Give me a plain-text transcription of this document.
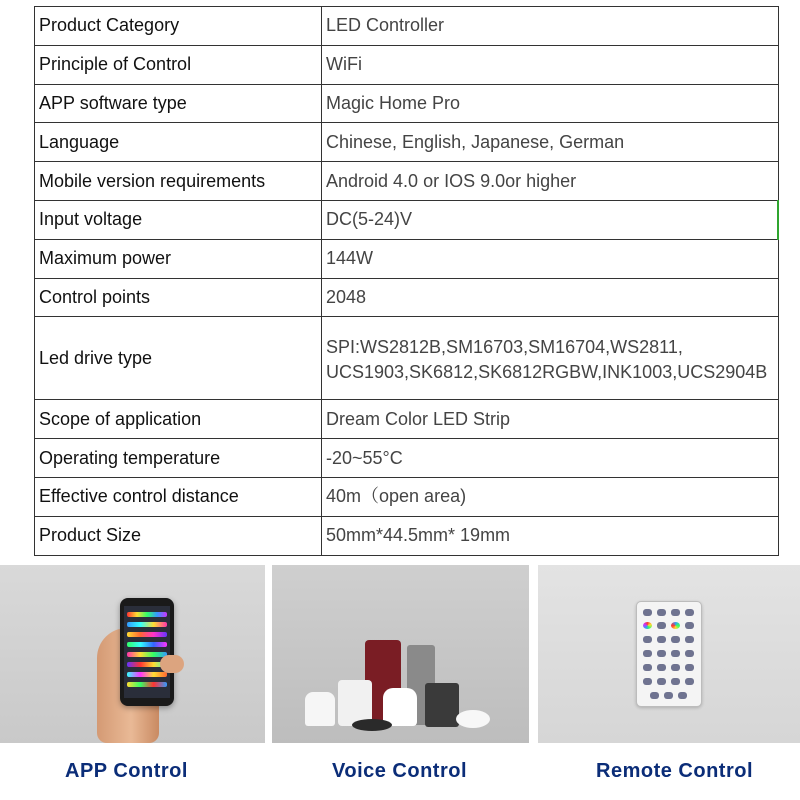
Product Category	LED Controller

Principle of Control	WiFi

APP software type	Magic Home Pro

Language	Chinese, English, Japanese, German

Mobile version requirements	Android 4.0 or IOS 9.0or higher

Input voltage	DC(5-24)V

Maximum power	144W

Control points	2048

Led drive type	SPI:WS2812B,SM16703,SM16704,WS2811,
UCS1903,SK6812,SK6812RGBW,INK1003,UCS2904B

Scope of application	Dream Color LED Strip

Operating temperature	-20~55°C

Effective control distance	40m（open area)

Product Size	50mm*44.5mm* 19mm
APP Control	Voice Control	Remote Control
